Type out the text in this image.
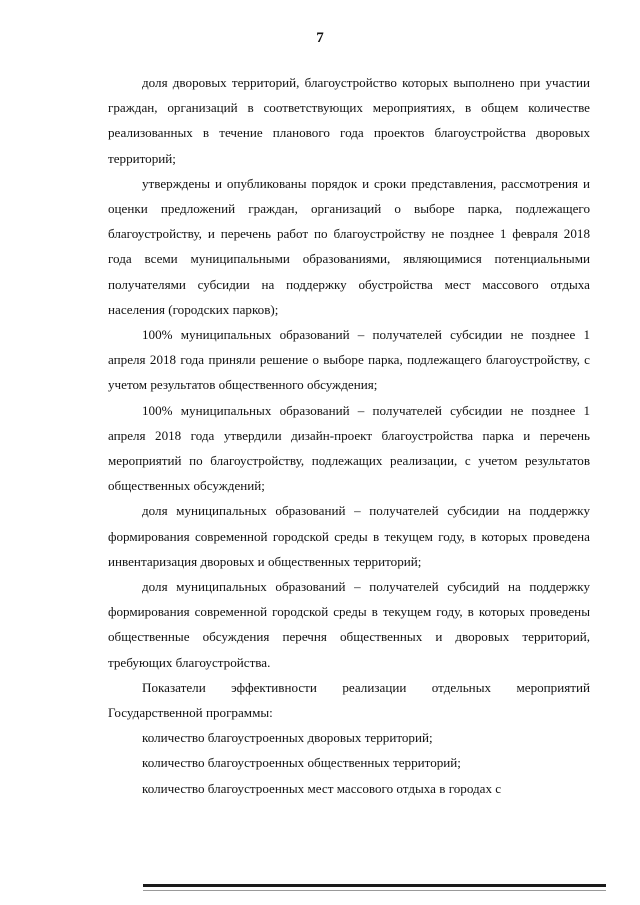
7

доля дворовых территорий, благоустройство которых выполнено при участии граждан, организаций в соответствующих мероприятиях, в общем количестве реализованных в течение планового года проектов благоустройства дворовых территорий;

утверждены и опубликованы порядок и сроки представления, рассмотрения и оценки предложений граждан, организаций о выборе парка, подлежащего благоустройству, и перечень работ по благоустройству не позднее 1 февраля 2018 года всеми муниципальными образованиями, являющимися потенциальными получателями субсидии на поддержку обустройства мест массового отдыха населения (городских парков);

100% муниципальных образований – получателей субсидии не позднее 1 апреля 2018 года приняли решение о выборе парка, подлежащего благоустройству, с учетом результатов общественного обсуждения;

100% муниципальных образований – получателей субсидии не позднее 1 апреля 2018 года утвердили дизайн-проект благоустройства парка и перечень мероприятий по благоустройству, подлежащих реализации, с учетом результатов общественных обсуждений;

доля муниципальных образований – получателей субсидии на поддержку формирования современной городской среды в текущем году, в которых проведена инвентаризация дворовых и общественных территорий;

доля муниципальных образований – получателей субсидий на поддержку формирования современной городской среды в текущем году, в которых проведены общественные обсуждения перечня общественных и дворовых территорий, требующих благоустройства.

Показатели эффективности реализации отдельных мероприятий Государственной программы:

количество благоустроенных дворовых территорий;

количество благоустроенных общественных территорий;

количество благоустроенных мест массового отдыха в городах с
